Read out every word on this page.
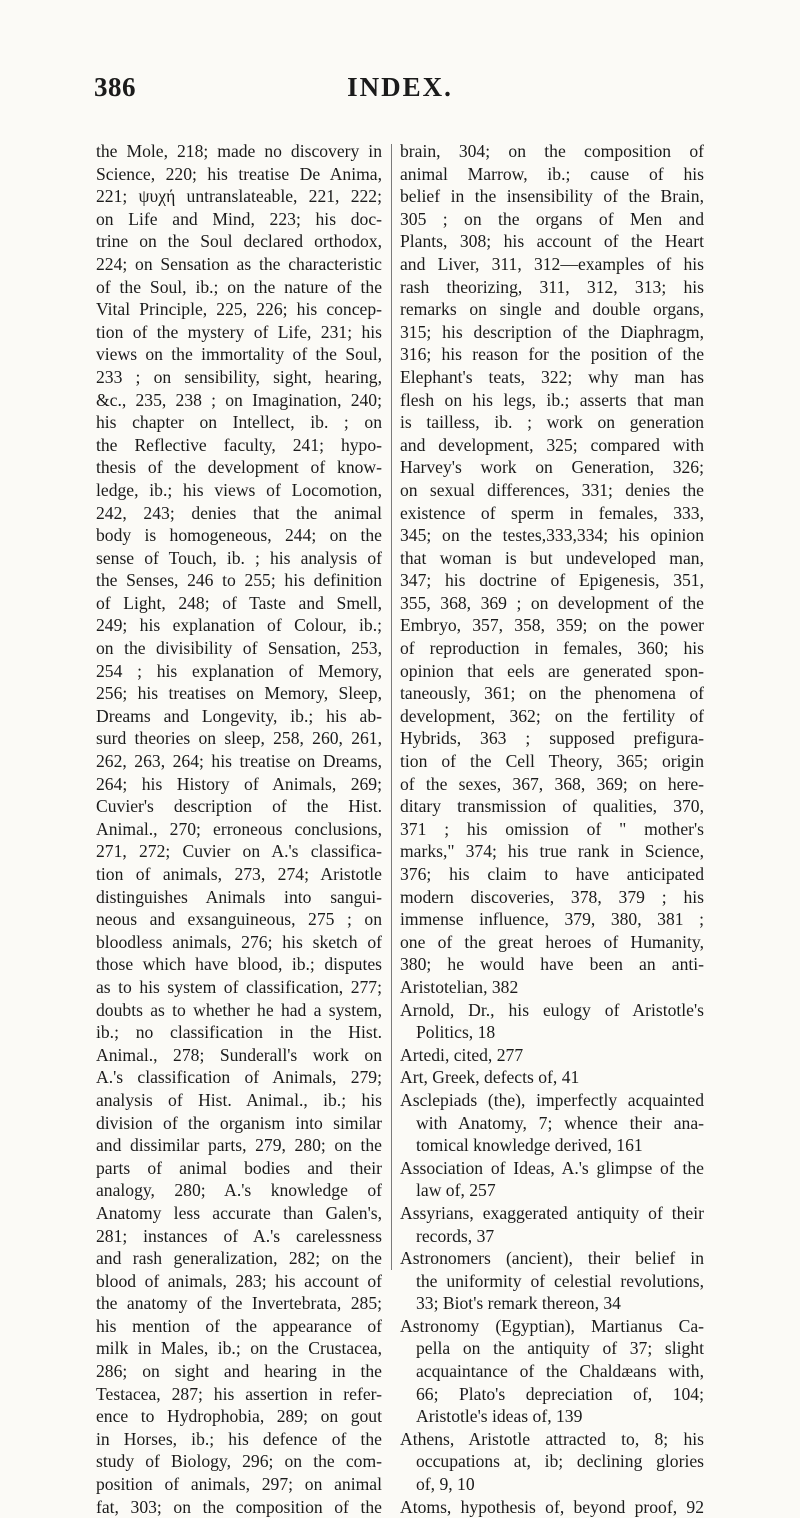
386	INDEX.
the Mole, 218; made no discovery in
Science, 220; his treatise De Anima,
221; ψυχή untranslateable, 221, 222;
on Life and Mind, 223; his doc-
trine on the Soul declared orthodox,
224; on Sensation as the characteristic
of the Soul, ib.; on the nature of the
Vital Principle, 225, 226; his concep-
tion of the mystery of Life, 231; his
views on the immortality of the Soul,
233 ; on sensibility, sight, hearing,
&c., 235, 238 ; on Imagination, 240;
his chapter on Intellect, ib. ; on
the Reflective faculty, 241; hypo-
thesis of the development of know-
ledge, ib.; his views of Locomotion,
242, 243; denies that the animal
body is homogeneous, 244; on the
sense of Touch, ib. ; his analysis of
the Senses, 246 to 255; his definition
of Light, 248; of Taste and Smell,
249; his explanation of Colour, ib.;
on the divisibility of Sensation, 253,
254 ; his explanation of Memory,
256; his treatises on Memory, Sleep,
Dreams and Longevity, ib.; his ab-
surd theories on sleep, 258, 260, 261,
262, 263, 264; his treatise on Dreams,
264; his History of Animals, 269;
Cuvier's description of the Hist.
Animal., 270; erroneous conclusions,
271, 272; Cuvier on A.'s classifica-
tion of animals, 273, 274; Aristotle
distinguishes Animals into sangui-
neous and exsanguineous, 275 ; on
bloodless animals, 276; his sketch of
those which have blood, ib.; disputes
as to his system of classification, 277;
doubts as to whether he had a system,
ib.; no classification in the Hist.
Animal., 278; Sunderall's work on
A.'s classification of Animals, 279;
analysis of Hist. Animal., ib.; his
division of the organism into similar
and dissimilar parts, 279, 280; on the
parts of animal bodies and their
analogy, 280; A.'s knowledge of
Anatomy less accurate than Galen's,
281; instances of A.'s carelessness
and rash generalization, 282; on the
blood of animals, 283; his account of
the anatomy of the Invertebrata, 285;
his mention of the appearance of
milk in Males, ib.; on the Crustacea,
286; on sight and hearing in the
Testacea, 287; his assertion in refer-
ence to Hydrophobia, 289; on gout
in Horses, ib.; his defence of the
study of Biology, 296; on the com-
position of animals, 297; on animal
fat, 303; on the composition of the
brain, 304; on the composition of
animal Marrow, ib.; cause of his
belief in the insensibility of the Brain,
305 ; on the organs of Men and
Plants, 308; his account of the Heart
and Liver, 311, 312—examples of his
rash theorizing, 311, 312, 313; his
remarks on single and double organs,
315; his description of the Diaphragm,
316; his reason for the position of the
Elephant's teats, 322; why man has
flesh on his legs, ib.; asserts that man
is tailless, ib. ; work on generation
and development, 325; compared with
Harvey's work on Generation, 326;
on sexual differences, 331; denies the
existence of sperm in females, 333,
345; on the testes,333,334; his opinion
that woman is but undeveloped man,
347; his doctrine of Epigenesis, 351,
355, 368, 369 ; on development of the
Embryo, 357, 358, 359; on the power
of reproduction in females, 360; his
opinion that eels are generated spon-
taneously, 361; on the phenomena of
development, 362; on the fertility of
Hybrids, 363 ; supposed prefigura-
tion of the Cell Theory, 365; origin
of the sexes, 367, 368, 369; on here-
ditary transmission of qualities, 370,
371 ; his omission of " mother's
marks," 374; his true rank in Science,
376; his claim to have anticipated
modern discoveries, 378, 379 ; his
immense influence, 379, 380, 381 ;
one of the great heroes of Humanity,
380; he would have been an anti-
Aristotelian, 382
Arnold, Dr., his eulogy of Aristotle's
Politics, 18
Artedi, cited, 277
Art, Greek, defects of, 41
Asclepiads (the), imperfectly acquainted
with Anatomy, 7; whence their ana-
tomical knowledge derived, 161
Association of Ideas, A.'s glimpse of the
law of, 257
Assyrians, exaggerated antiquity of their
records, 37
Astronomers (ancient), their belief in
the uniformity of celestial revolutions,
33; Biot's remark thereon, 34
Astronomy (Egyptian), Martianus Ca-
pella on the antiquity of 37; slight
acquaintance of the Chaldæans with,
66; Plato's depreciation of, 104;
Aristotle's ideas of, 139
Athens, Aristotle attracted to, 8; his
occupations at, ib; declining glories
of, 9, 10
Atoms, hypothesis of, beyond proof, 92
